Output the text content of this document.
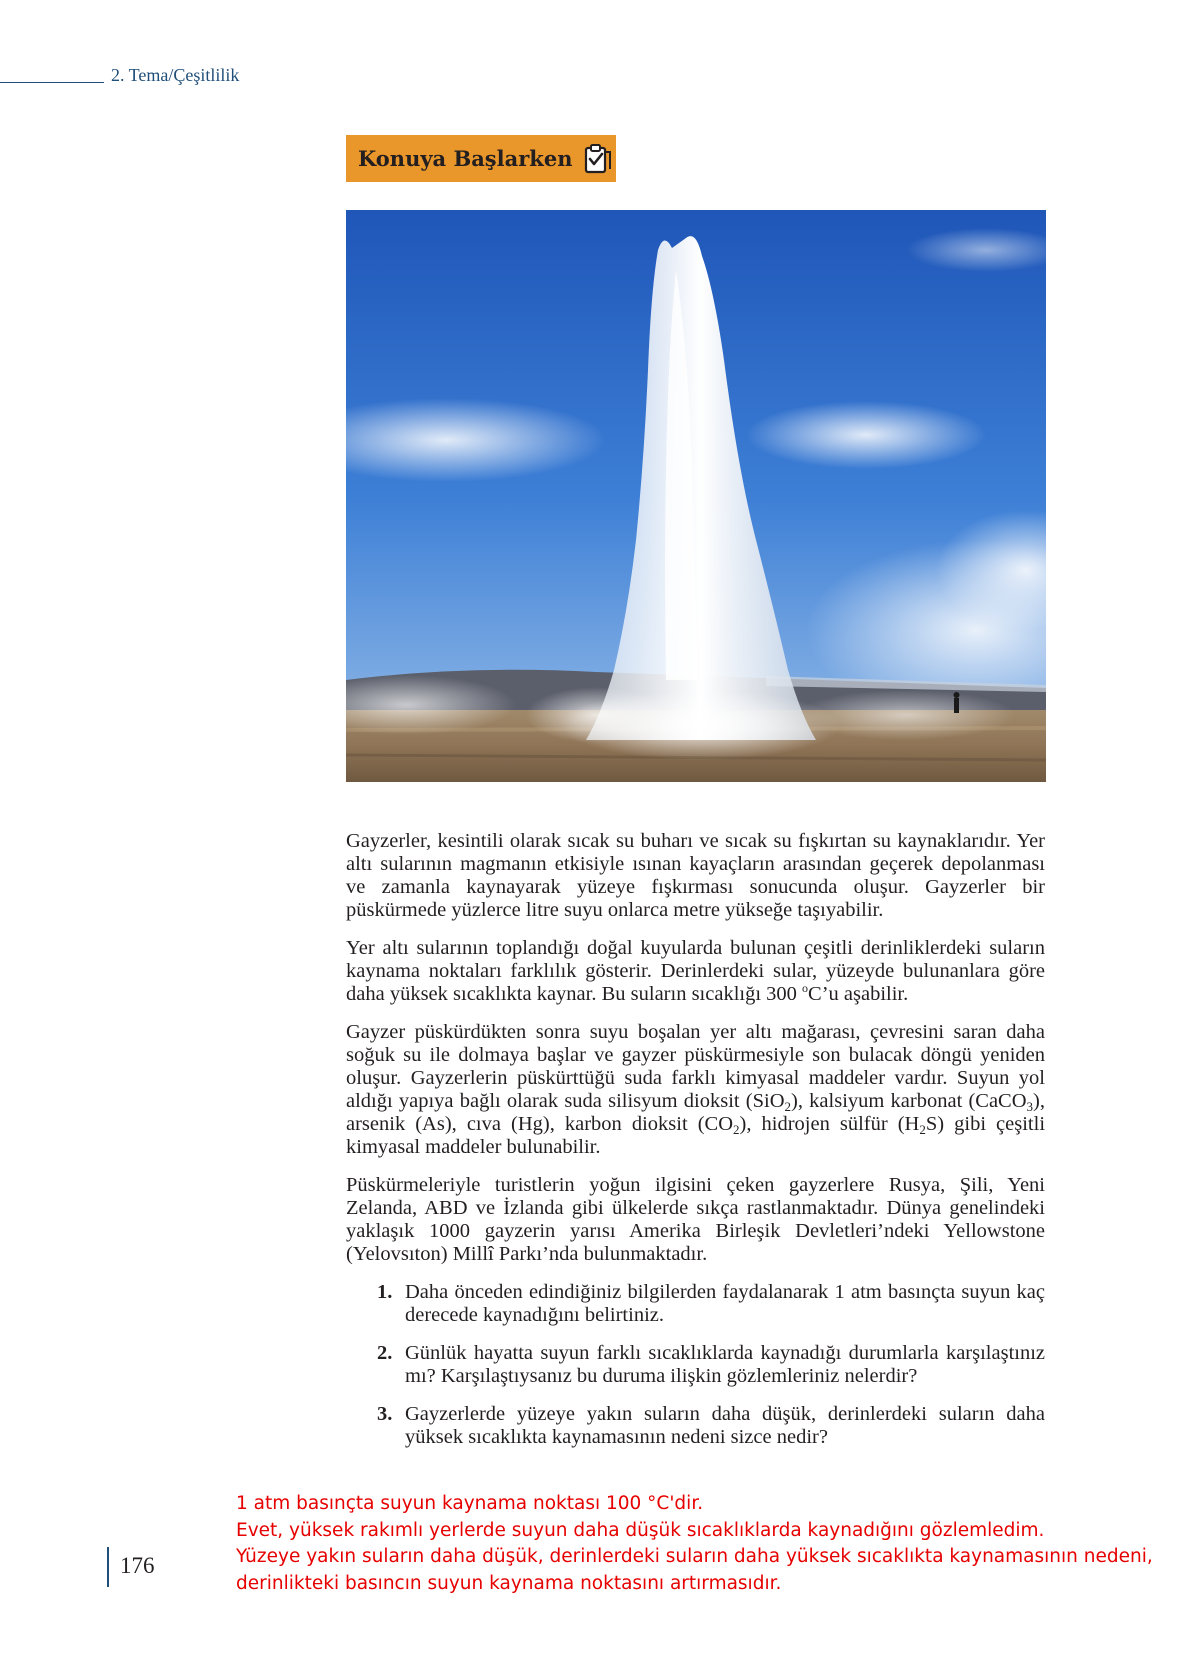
2. Tema/Çeşitlilik
Konuya Başlarken

Gayzerler, kesintili olarak sıcak su buharı ve sıcak su fışkırtan su kaynaklarıdır. Yer altı sularının magmanın etkisiyle ısınan kayaçların arasından geçerek depolanması ve zamanla kaynayarak yüzeye fışkırması sonucunda oluşur. Gayzerler bir püskürmede yüzlerce litre suyu onlarca metre yükseğe taşıyabilir.

Yer altı sularının toplandığı doğal kuyularda bulunan çeşitli derinliklerdeki suların kaynama noktaları farklılık gösterir. Derinlerdeki sular, yüzeyde bulunanlara göre daha yüksek sıcaklıkta kaynar. Bu suların sıcaklığı 300 $^o$C’u aşabilir.

Gayzer püskürdükten sonra suyu boşalan yer altı mağarası, çevresini saran daha soğuk su ile dolmaya başlar ve gayzer püskürmesiyle son bulacak döngü yeniden oluşur. Gayzerlerin püskürttüğü suda farklı kimyasal maddeler vardır. Suyun yol aldığı yapıya bağlı olarak suda silisyum dioksit (SiO$_2$), kalsiyum karbonat (CaCO$_3$), arsenik (As), cıva (Hg), karbon dioksit $(CO_2)$, hidrojen sülfür $(H_2S)$ gibi çeşitli kimyasal maddeler bulunabilir.

Püskürmeleriyle turistlerin yoğun ilgisini çeken gayzerlere Rusya, Şili, Yeni Zelanda, ABD ve İzlanda gibi ülkelerde sıkça rastlanmaktadır. Dünya genelindeki yaklaşık 1000 gayzerin yarısı Amerika Birleşik Devletleri’ndeki Yellowstone (Yelovsıton) Millî Parkı’nda bulunmaktadır.

1. Daha önceden edindiğiniz bilgilerden faydalanarak 1 atm basınçta suyun kaç derecede kaynadığını belirtiniz.
2. Günlük hayatta suyun farklı sıcaklıklarda kaynadığı durumlarla karşılaştınız mı? Karşılaştıysanız bu duruma ilişkin gözlemleriniz nelerdir?
3. Gayzerlerde yüzeye yakın suların daha düşük, derinlerdeki suların daha yüksek sıcaklıkta kaynamasının nedeni sizce nedir?
1 atm basınçta suyun kaynama noktası 100 °C'dir.
Evet, yüksek rakımlı yerlerde suyun daha düşük sıcaklıklarda kaynadığını gözlemledim.
Yüzeye yakın suların daha düşük, derinlerdeki suların daha yüksek sıcaklıkta kaynamasının nedeni,
derinlikteki basıncın suyun kaynama noktasını artırmasıdır.
176
